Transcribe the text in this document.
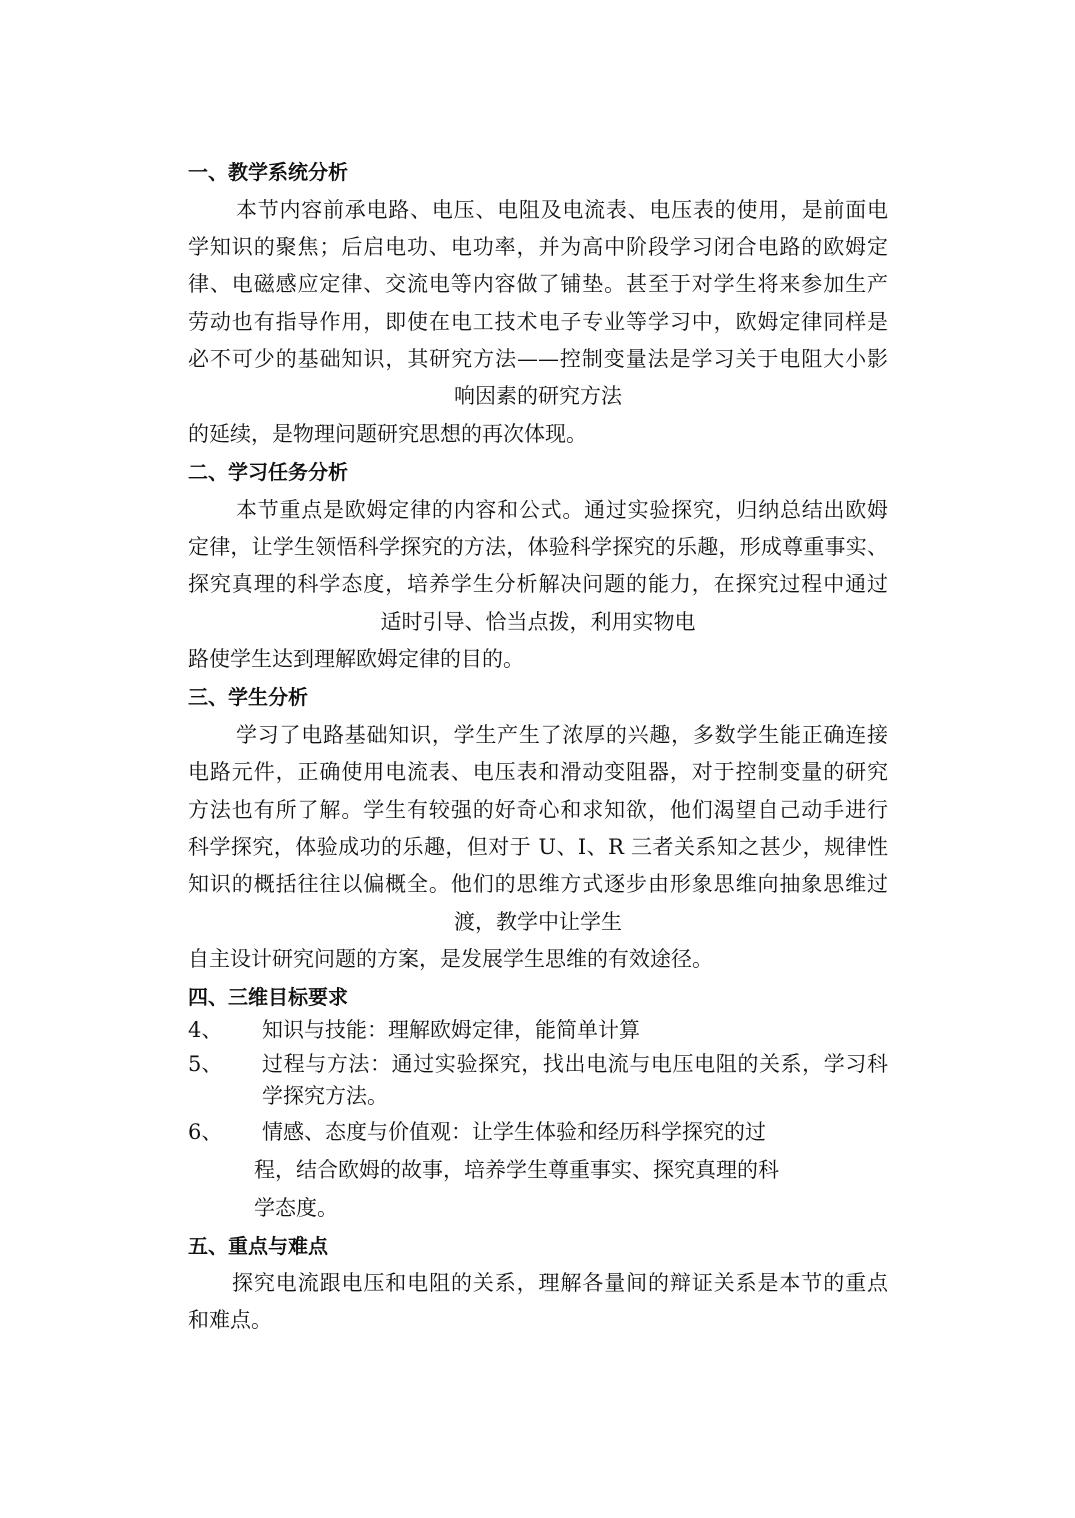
一、教学系统分析
本节内容前承电路、电压、电阻及电流表、电压表的使用，是前面电
学知识的聚焦；后启电功、电功率，并为高中阶段学习闭合电路的欧姆定
律、电磁感应定律、交流电等内容做了铺垫。甚至于对学生将来参加生产
劳动也有指导作用，即使在电工技术电子专业等学习中，欧姆定律同样是
必不可少的基础知识，其研究方法——控制变量法是学习关于电阻大小影
响因素的研究方法
的延续，是物理问题研究思想的再次体现。
二、学习任务分析
本节重点是欧姆定律的内容和公式。通过实验探究，归纳总结出欧姆
定律，让学生领悟科学探究的方法，体验科学探究的乐趣，形成尊重事实、
探究真理的科学态度，培养学生分析解决问题的能力，在探究过程中通过
适时引导、恰当点拨，利用实物电
路使学生达到理解欧姆定律的目的。
三、学生分析
学习了电路基础知识，学生产生了浓厚的兴趣，多数学生能正确连接
电路元件，正确使用电流表、电压表和滑动变阻器，对于控制变量的研究
方法也有所了解。学生有较强的好奇心和求知欲，他们渴望自己动手进行
科学探究，体验成功的乐趣，但对于 U、I、R 三者关系知之甚少，规律性
知识的概括往往以偏概全。他们的思维方式逐步由形象思维向抽象思维过
渡，教学中让学生
自主设计研究问题的方案，是发展学生思维的有效途径。
四、三维目标要求
4、 知识与技能：理解欧姆定律，能简单计算
5、 过程与方法：通过实验探究，找出电流与电压电阻的关系，学习科
学探究方法。
6、 情感、态度与价值观：让学生体验和经历科学探究的过
程，结合欧姆的故事，培养学生尊重事实、探究真理的科
学态度。
五、重点与难点
探究电流跟电压和电阻的关系，理解各量间的辩证关系是本节的重点
和难点。
